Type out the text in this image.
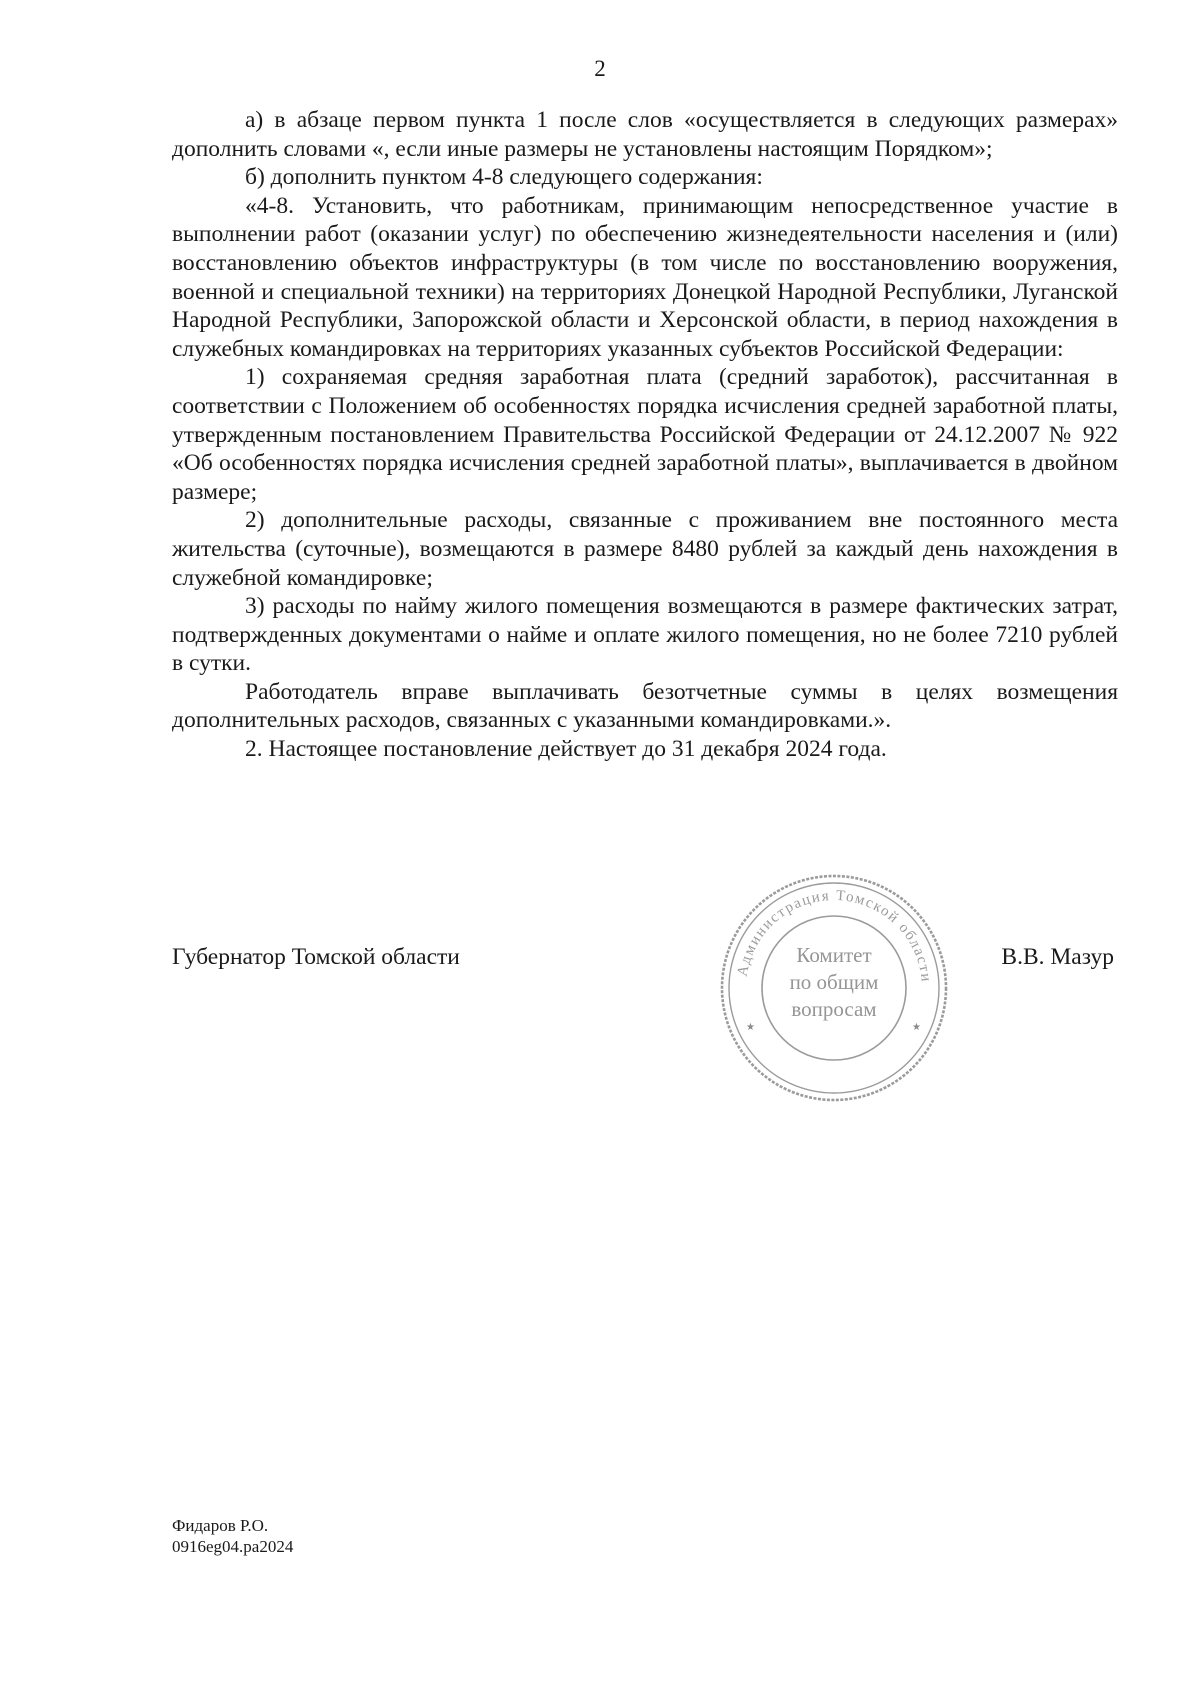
2

а) в абзаце первом пункта 1 после слов «осуществляется в следующих размерах» дополнить словами «, если иные размеры не установлены настоящим Порядком»;

б) дополнить пунктом 4-8 следующего содержания:

«4-8. Установить, что работникам, принимающим непосредственное участие в выполнении работ (оказании услуг) по обеспечению жизнедеятельности населения и (или) восстановлению объектов инфраструктуры (в том числе по восстановлению вооружения, военной и специальной техники) на территориях Донецкой Народной Республики, Луганской Народной Республики, Запорожской области и Херсонской области, в период нахождения в служебных командировках на территориях указанных субъектов Российской Федерации:

1) сохраняемая средняя заработная плата (средний заработок), рассчитанная в соответствии с Положением об особенностях порядка исчисления средней заработной платы, утвержденным постановлением Правительства Российской Федерации от 24.12.2007 № 922 «Об особенностях порядка исчисления средней заработной платы», выплачивается в двойном размере;

2) дополнительные расходы, связанные с проживанием вне постоянного места жительства (суточные), возмещаются в размере 8480 рублей за каждый день нахождения в служебной командировке;

3) расходы по найму жилого помещения возмещаются в размере фактических затрат, подтвержденных документами о найме и оплате жилого помещения, но не более 7210 рублей в сутки.

Работодатель вправе выплачивать безотчетные суммы в целях возмещения дополнительных расходов, связанных с указанными командировками.».

2. Настоящее постановление действует до 31 декабря 2024 года.

Губернатор Томской области	В.В. Мазур
Администрация Томской области
★	★
Комитет
по общим
вопросам
Фидаров Р.О.
0916eg04.pa2024
